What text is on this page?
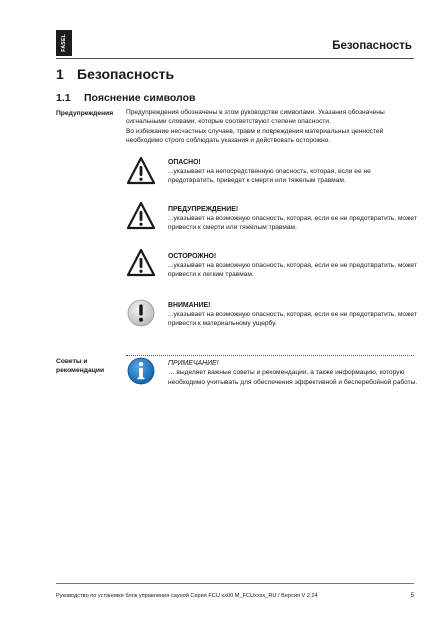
FASEL	Безопасность
1 Безопасность
1.1 Пояснение символов
Предупреждения	Предупреждения обозначены в этом руководстве символами. Указания обозначены сигнальными словами, которые соответствуют степени опасности.
Во избежание несчастных случаев, травм и повреждения материальных ценностей необходимо строго соблюдать указания и действовать осторожно.
ОПАСНО!
...указывает на непосредственную опасность, которая, если ее не предотвратить, приведет к смерти или тяжелым травмам.
ПРЕДУПРЕЖДЕНИЕ!
...указывает на возможную опасность, которая, если ее не предотвратить, может привести к смерти или тяжелым травмам.
ОСТОРОЖНО!
...указывает на возможную опасность, которая, если ее не предотвратить, может привести к легким травмам.
ВНИМАНИЕ!
...указывает на возможную опасность, которая, если ее не предотвратить, может привести к материальному ущербу.
Советы и рекомендации
ПРИМЕЧАНИЕ!
… выделяет важные советы и рекомендации, а также информацию, которую необходимо учитывать для обеспечения эффективной и бесперебойной работы.
Руководство по установке блок управления сауной Серия FCU xx00 M_FCUxxxx_RU / Версия V 2.24	5
